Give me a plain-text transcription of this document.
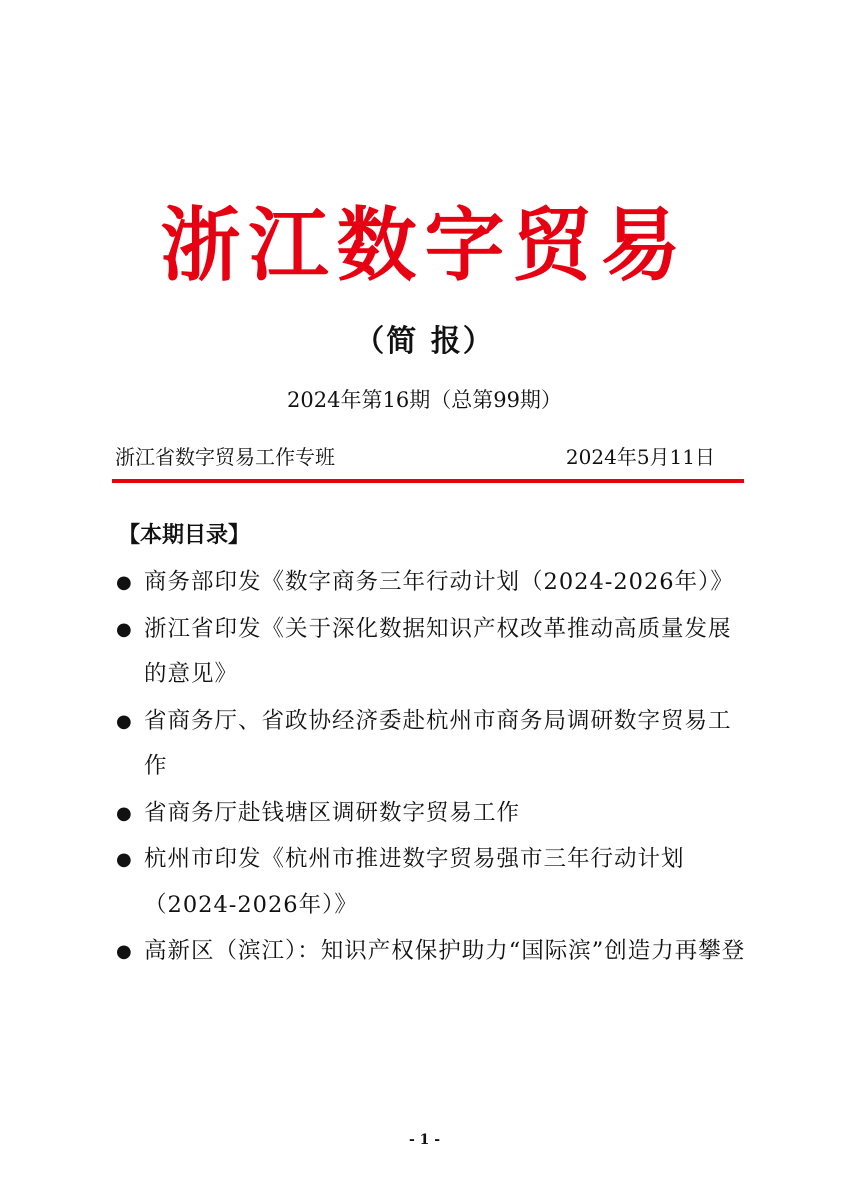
浙江数字贸易
（简 报）
2024年第16期（总第99期）
浙江省数字贸易工作专班	2024年5月11日
【本期目录】
● 商务部印发《数字商务三年行动计划（2024-2026年）》
● 浙江省印发《关于深化数据知识产权改革推动高质量发展的意见》
● 省商务厅、省政协经济委赴杭州市商务局调研数字贸易工作
● 省商务厅赴钱塘区调研数字贸易工作
● 杭州市印发《杭州市推进数字贸易强市三年行动计划（2024-2026年）》
● 高新区（滨江）：知识产权保护助力“国际滨”创造力再攀登
- 1 -
